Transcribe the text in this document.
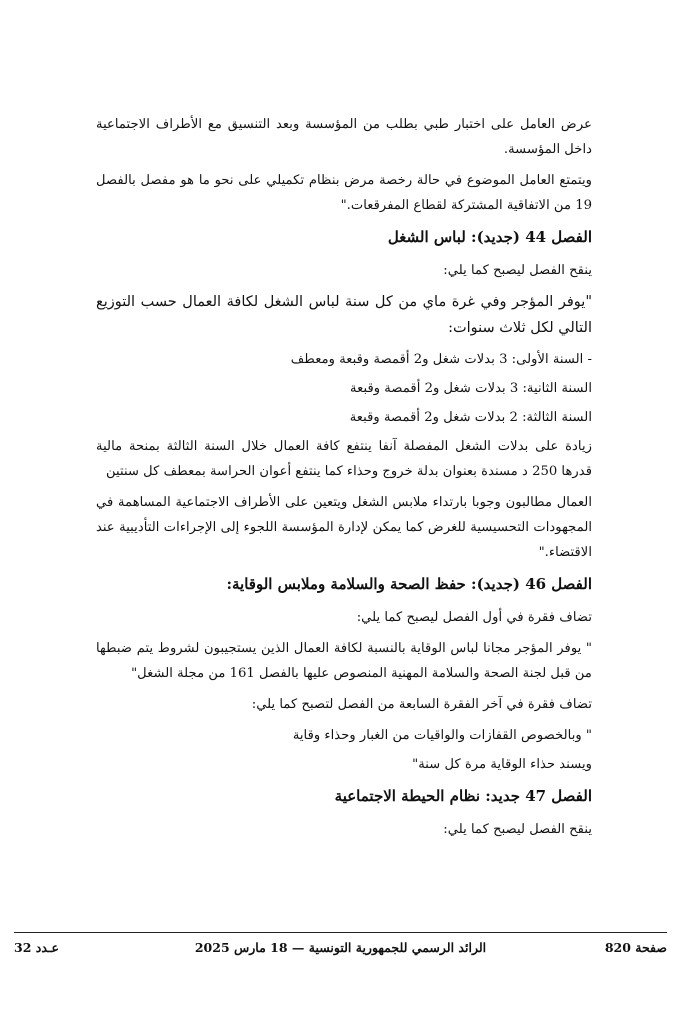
عرض العامل على اختبار طبي بطلب من المؤسسة وبعد التنسيق مع الأطراف الاجتماعية داخل المؤسسة.

ويتمتع العامل الموضوع في حالة رخصة مرض بنظام تكميلي على نحو ما هو مفصل بالفصل 19 من الاتفاقية المشتركة لقطاع المفرقعات."

الفصل 44 (جديد): لباس الشغل

ينقح الفصل ليصبح كما يلي:

"يوفر المؤجر وفي غرة ماي من كل سنة لباس الشغل لكافة العمال حسب التوزيع التالي لكل ثلاث سنوات:

- السنة الأولى: 3 بدلات شغل و2 أقمصة وقبعة ومعطف

السنة الثانية: 3 بدلات شغل و2 أقمصة وقبعة

السنة الثالثة: 2 بدلات شغل و2 أقمصة وقبعة

زيادة على بدلات الشغل المفصلة آنفا ينتفع كافة العمال خلال السنة الثالثة بمنحة مالية قدرها 250 د مسندة بعنوان بدلة خروج وحذاء كما ينتفع أعوان الحراسة بمعطف كل سنتين

العمال مطالبون وجوبا بارتداء ملابس الشغل ويتعين على الأطراف الاجتماعية المساهمة في المجهودات التحسيسية للغرض كما يمكن لإدارة المؤسسة اللجوء إلى الإجراءات التأديبية عند الاقتضاء."

الفصل 46 (جديد): حفظ الصحة والسلامة وملابس الوقاية:

تضاف فقرة في أول الفصل ليصبح كما يلي:

" يوفر المؤجر مجانا لباس الوقاية بالنسبة لكافة العمال الذين يستجيبون لشروط يتم ضبطها من قبل لجنة الصحة والسلامة المهنية المنصوص عليها بالفصل 161 من مجلة الشغل"

تضاف فقرة في آخر الفقرة السابعة من الفصل لتصبح كما يلي:

" وبالخصوص القفازات والواقيات من الغبار وحذاء وقاية

ويسند حذاء الوقاية مرة كل سنة"

الفصل 47 جديد: نظام الحيطة الاجتماعية

ينقح الفصل ليصبح كما يلي:

عـدد 32	الرائد الرسمي للجمهورية التونسية — 18 مارس 2025	صفحة 820
